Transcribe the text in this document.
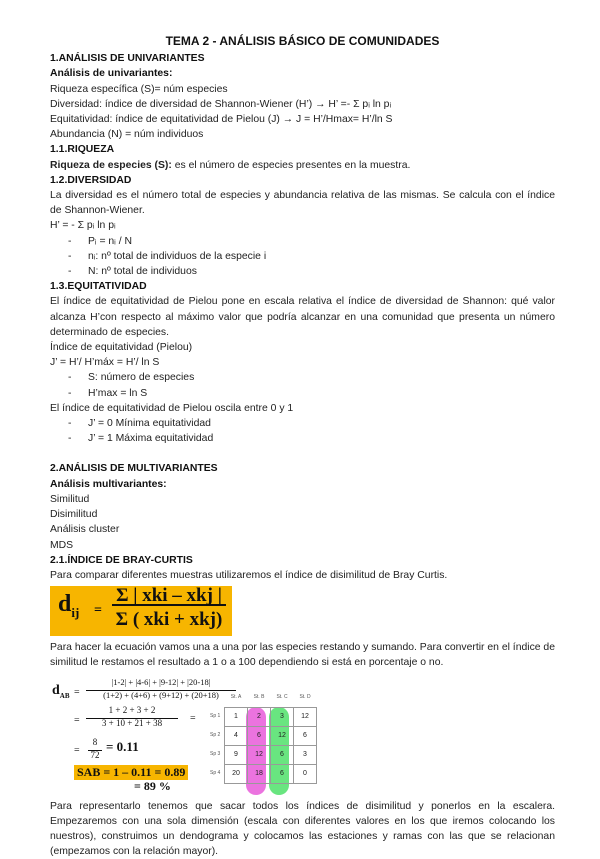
TEMA 2 - ANÁLISIS BÁSICO DE COMUNIDADES

1.ANÁLISIS DE UNIVARIANTES

Análisis de univariantes:

Riqueza específica (S)= núm especies

Diversidad: índice de diversidad de Shannon-Wiener (H’) → H’ =- Σ pᵢ ln pᵢ

Equitatividad: índice de equitatividad de Pielou (J) → J = H’/Hmax= H’/ln S

Abundancia (N) = núm individuos

1.1.RIQUEZA

Riqueza de especies (S): es el número de especies presentes en la muestra.

1.2.DIVERSIDAD

La diversidad es el número total de especies y abundancia relativa de las mismas. Se calcula con el índice de Shannon-Wiener.

H’ = - Σ pᵢ ln pᵢ

- Pᵢ = nᵢ / N

- nᵢ: nº total de individuos de la especie i

- N: nº total de individuos

1.3.EQUITATIVIDAD

El índice de equitatividad de Pielou pone en escala relativa el índice de diversidad de Shannon: qué valor alcanza H’con respecto al máximo valor que podría alcanzar en una comunidad que presenta un número determinado de especies.

Índice de equitatividad (Pielou)

J’ = H’/ H’máx = H’/ ln S

- S: número de especies

- H’max = ln S

El índice de equitatividad de Pielou oscila entre 0 y 1

- J’ = 0 Mínima equitatividad

- J’ = 1 Máxima equitatividad

2.ANÁLISIS DE MULTIVARIANTES

Análisis multivariantes:

Similitud

Disimilitud

Análisis cluster

MDS

2.1.ÍNDICE DE BRAY-CURTIS

Para comparar diferentes muestras utilizaremos el índice de disimilitud de Bray Curtis.

$d_{ij}$ =
Σ | xki – xkj |
Σ ( xki + xkj)

Para hacer la ecuación vamos una a una por las especies restando y sumando. Para convertir en el índice de similitud le restamos el resultado a 1 o a 100 dependiendo si está en porcentaje o no.

$d_{AB}$ =
|1-2| + |4-6| + |9-12| + |20-18|
(1+2) + (4+6) + (9+12) + (20+18)
=
1 + 2 + 3 + 2
3 + 10 + 21 + 38	=
=
8
72
= 0.11
SAB = 1 – 0.11 = 0.89
= 89 %
	St. A	St. B	St. C	St. D
Sp 1	1	2	3	12
Sp 2	4	6	12	6
Sp 3	9	12	6	3
Sp 4	20	18	6	0

Para representarlo tenemos que sacar todos los índices de disimilitud y ponerlos en la escalera. Empezaremos con una sola dimensión (escala con diferentes valores en los que iremos colocando los nuestros), construimos un dendograma y colocamos las estaciones y ramas con las que se relacionan (empezamos con la relación mayor).
